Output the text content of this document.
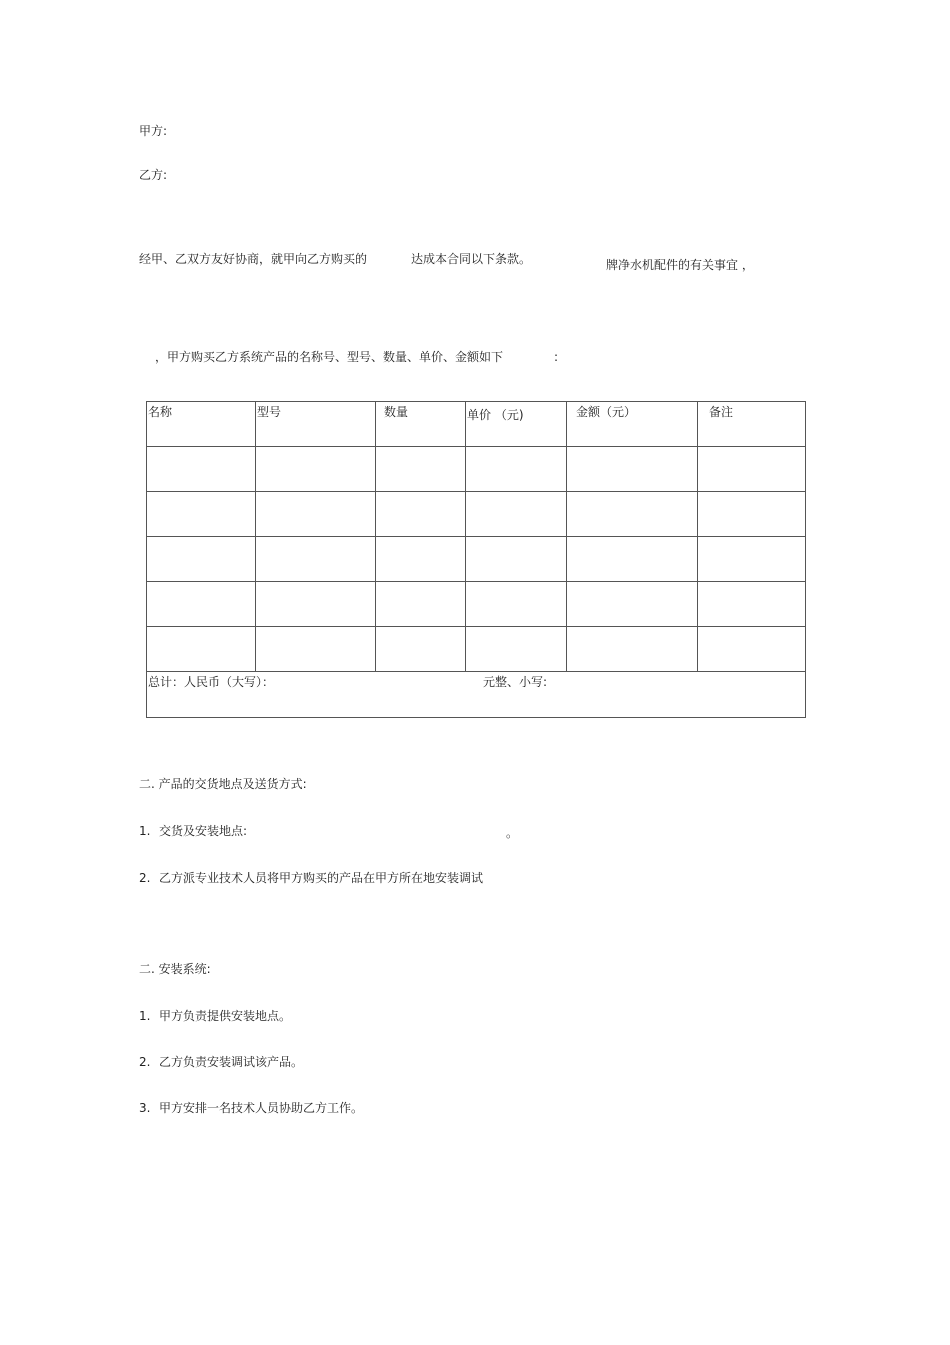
甲方:
乙方:
经甲、乙双方友好协商，就甲向乙方购买的	达成本合同以下条款。	牌净水机配件的有关事宜 ，
，甲方购买乙方系统产品的名称号、型号、数量、单价、金额如下	:
名称	型号	数量	单价 （元)	金额（元）	备注

总计：人民币（大写）： 元整、小写:					
二. 产品的交货地点及送货方式:
1. 交货及安装地点:	。
2. 乙方派专业技术人员将甲方购买的产品在甲方所在地安装调试
二. 安装系统:
1. 甲方负责提供安装地点。
2. 乙方负责安装调试该产品。
3. 甲方安排一名技术人员协助乙方工作。
